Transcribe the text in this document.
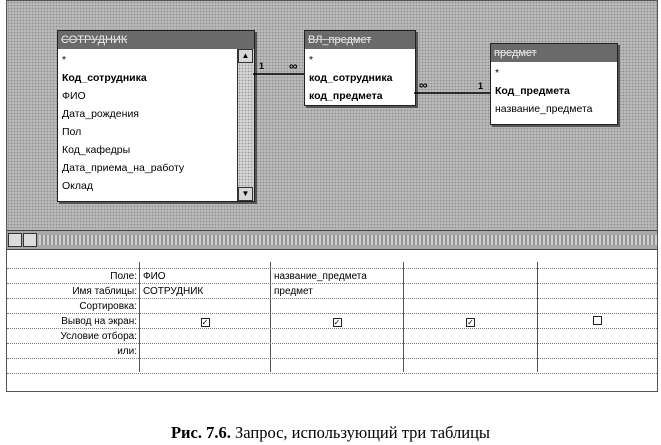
СОТРУДНИК
*
Код_сотрудника
ФИО
Дата_рождения
Пол
Код_кафедры
Дата_приема_на_работу
Оклад
▲
▼
ВЛ_предмет
*
код_сотрудника
код_предмета
предмет
*
Код_предмета
название_предмета
1 ∞
∞	1
Поле: ФИО	название_предмета
Имя таблицы: СОТРУДНИК	предмет
Сортировка:
Вывод на экран:	✓	✓	✓
Условие отбора:
или:
Рис. 7.6. Запрос, использующий три таблицы
